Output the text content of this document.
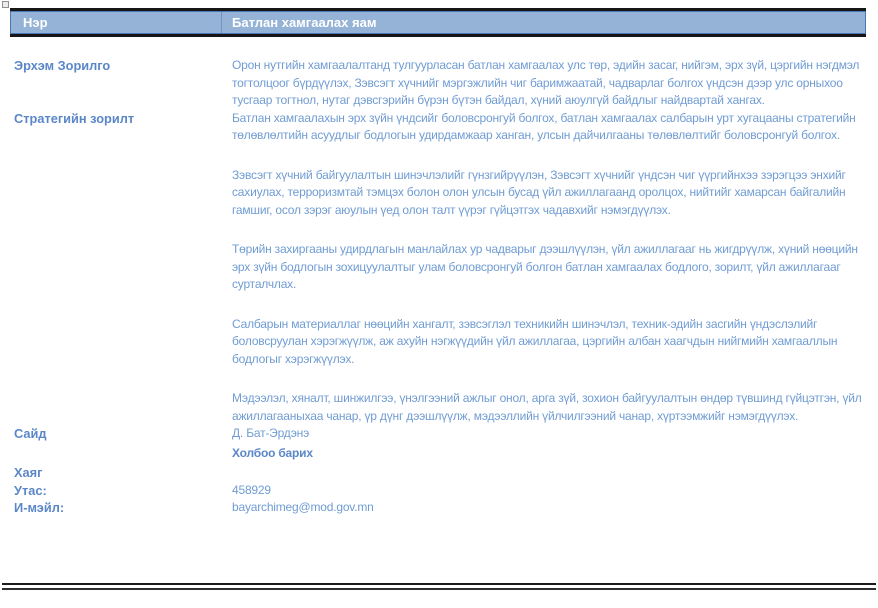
Нэр	Батлан хамгаалах яам
Эрхэм Зорилго	Орон нутгийн хамгаалалтанд тулгуурласан батлан хамгаалах улс төр, эдийн засаг, нийгэм, эрх зүй, цэргийн нэгдмэл тогтолцоог бүрдүүлэх, Зэвсэгт хүчнийг мэргэжлийн чиг баримжаатай, чадварлаг болгох үндсэн дээр улс орныхоо тусгаар тогтнол, нутаг дэвсгэрийн бүрэн бүтэн байдал, хүний аюулгүй байдлыг найдвартай хангах.
Стратегийн зорилт	Батлан хамгаалахын эрх зүйн үндсийг боловсронгуй болгох, батлан хамгаалах салбарын урт хугацааны стратегийн төлөвлөлтийн асуудлыг бодлогын удирдамжаар ханган, улсын дайчилгааны төлөвлөлтийг боловсронгуй болгох.

Зэвсэгт хүчний байгуулалтын шинэчлэлийг гүнзгийрүүлэн, Зэвсэгт хүчнийг үндсэн чиг үүргийнхээ зэрэгцээ энхийг сахиулах, терроризмтай тэмцэх болон олон улсын бусад үйл ажиллагаанд оролцох, нийтийг хамарсан байгалийн гамшиг, осол зэрэг аюулын үед олон талт үүрэг гүйцэтгэх чадавхийг нэмэгдүүлэх.

Төрийн захиргааны удирдлагын манлайлах ур чадварыг дээшлүүлэн, үйл ажиллагааг нь жигдрүүлж, хүний нөөцийн эрх зүйн бодлогын зохицуулалтыг улам боловсронгуй болгон батлан хамгаалах бодлого, зорилт, үйл ажиллагааг сурталчлах.

Салбарын материаллаг нөөцийн хангалт, зэвсэглэл техникийн шинэчлэл, техник-эдийн засгийн үндэслэлийг боловсруулан хэрэгжүүлж, аж ахуйн нэгжүүдийн үйл ажиллагаа, цэргийн албан хаагчдын нийгмийн хамгааллын бодлогыг хэрэгжүүлэх.

Мэдээлэл, хяналт, шинжилгээ, үнэлгээний ажлыг онол, арга зүй, зохион байгуулалтын өндөр түвшинд гүйцэтгэн, үйл ажиллагааныхаа чанар, үр дүнг дээшлүүлж, мэдээллийн үйлчилгээний чанар, хүртээмжийг нэмэгдүүлэх.

Сайд	Д. Бат-Эрдэнэ
Холбоо барих
Хаяг
Утас:	458929
И-мэйл:	bayarchimeg@mod.gov.mn
